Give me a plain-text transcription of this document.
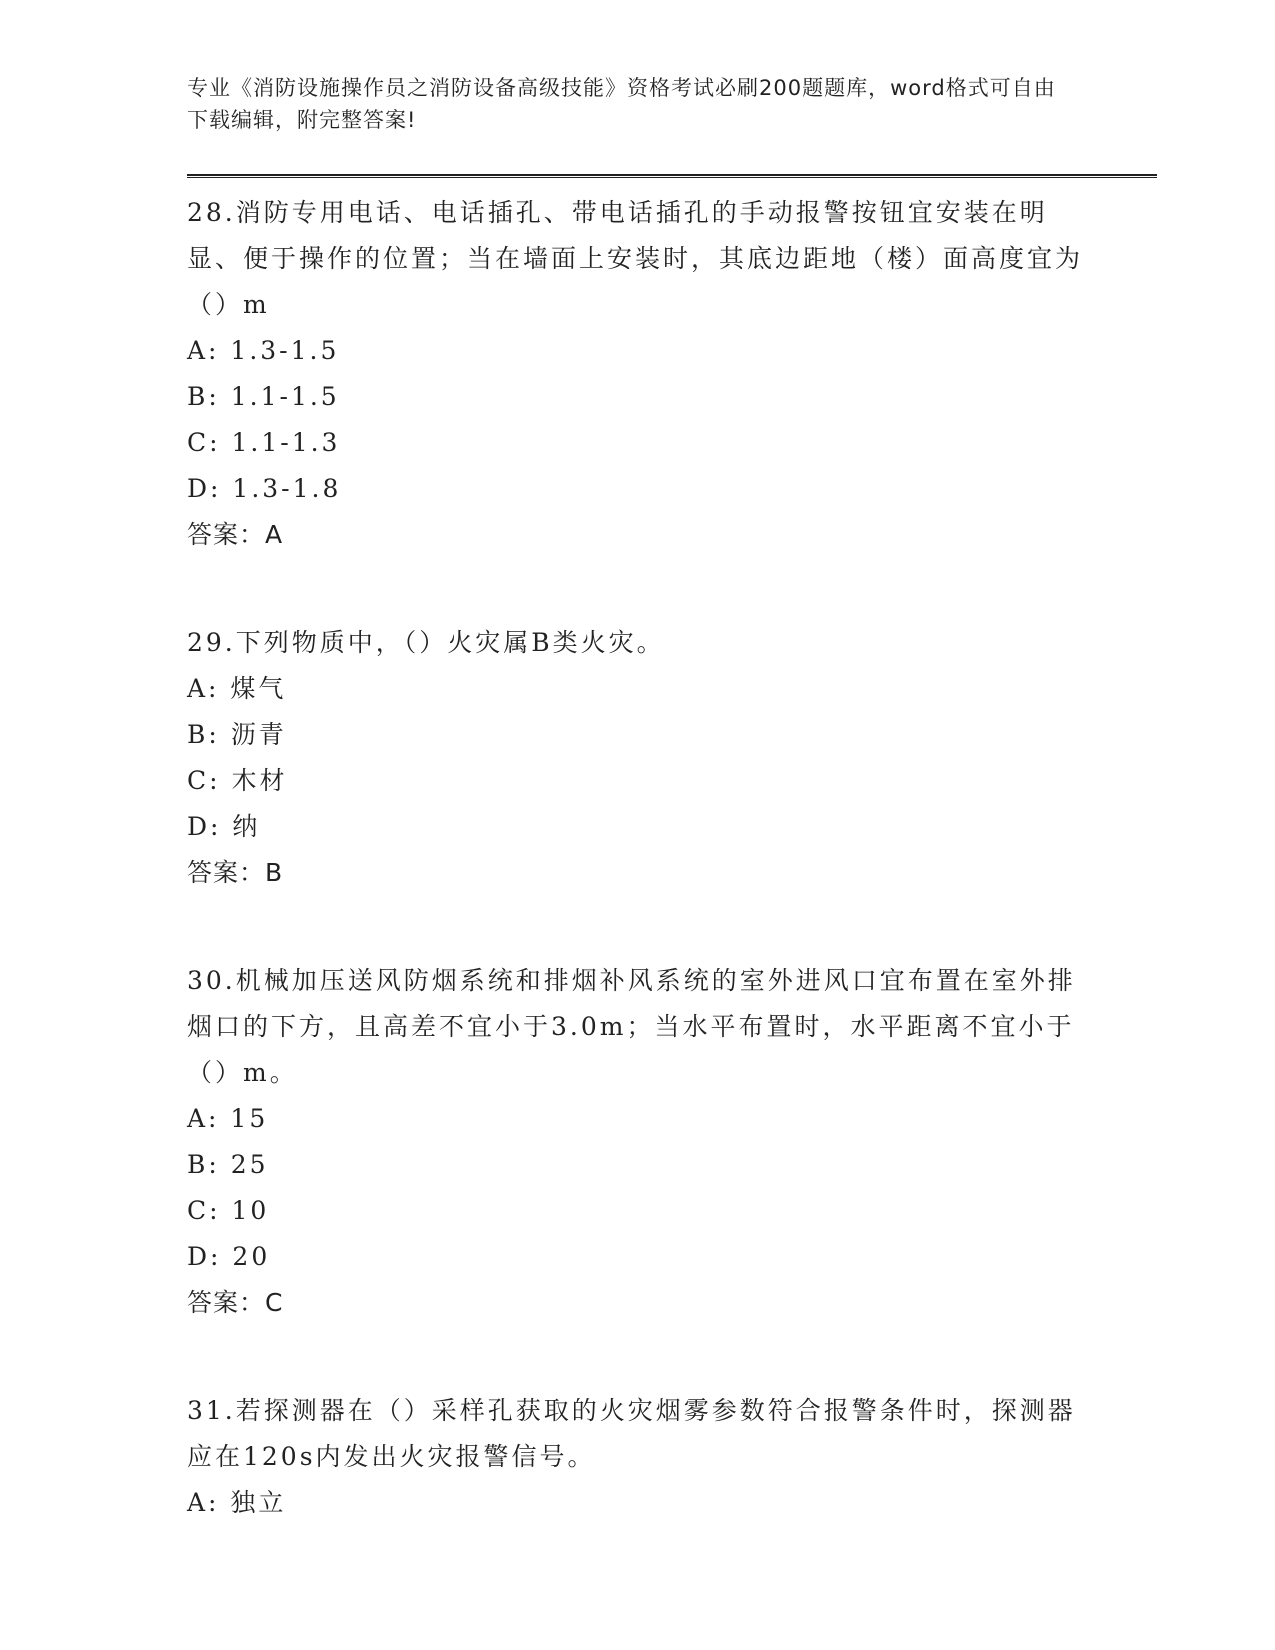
专业《消防设施操作员之消防设备高级技能》资格考试必刷200题题库，word格式可自由下载编辑，附完整答案!

28.消防专用电话、电话插孔、带电话插孔的手动报警按钮宜安装在明显、便于操作的位置；当在墙面上安装时，其底边距地（楼）面高度宜为（）m

A: 1.3-1.5

B: 1.1-1.5

C: 1.1-1.3

D: 1.3-1.8

答案：A

29.下列物质中，（）火灾属B类火灾。

A: 煤气

B: 沥青

C: 木材

D: 纳

答案：B

30.机械加压送风防烟系统和排烟补风系统的室外进风口宜布置在室外排烟口的下方，且高差不宜小于3.0m；当水平布置时，水平距离不宜小于（）m。

A: 15

B: 25

C: 10

D: 20

答案：C

31.若探测器在（）采样孔获取的火灾烟雾参数符合报警条件时，探测器应在120s内发出火灾报警信号。

A: 独立
